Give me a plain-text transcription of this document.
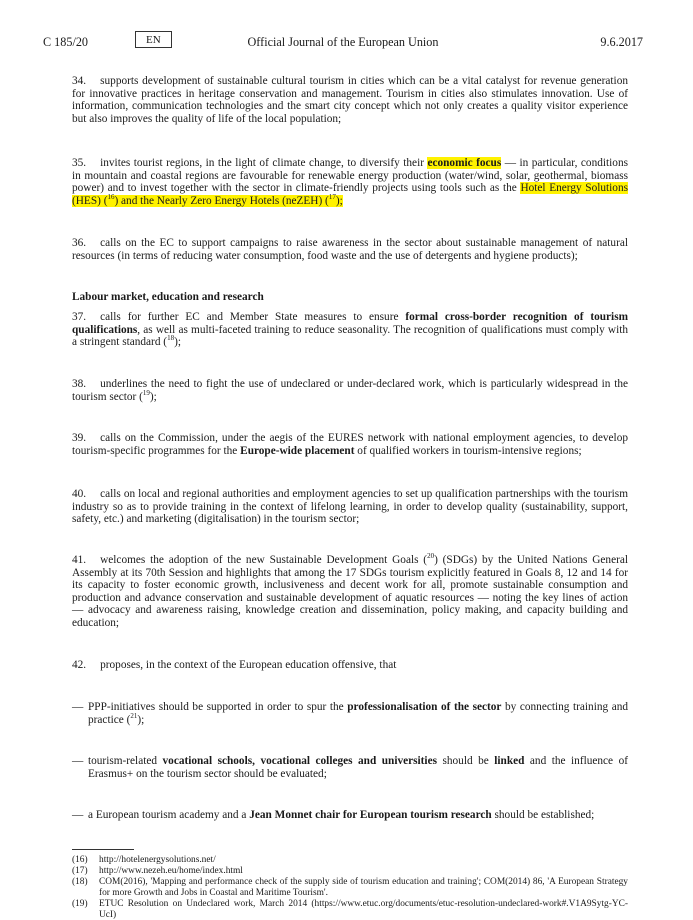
C 185/20	EN	Official Journal of the European Union	9.6.2017
34. supports development of sustainable cultural tourism in cities which can be a vital catalyst for revenue generation for innovative practices in heritage conservation and management. Tourism in cities also stimulates innovation. Use of information, communication technologies and the smart city concept which not only creates a quality visitor experience but also improves the quality of life of the local population;
35. invites tourist regions, in the light of climate change, to diversify their economic focus — in particular, conditions in mountain and coastal regions are favourable for renewable energy production (water/wind, solar, geothermal, biomass power) and to invest together with the sector in climate-friendly projects using tools such as the Hotel Energy Solutions (HES) ($^{16}$) and the Nearly Zero Energy Hotels (neZEH) ($^{17}$);
36. calls on the EC to support campaigns to raise awareness in the sector about sustainable management of natural resources (in terms of reducing water consumption, food waste and the use of detergents and hygiene products);
Labour market, education and research
37. calls for further EC and Member State measures to ensure formal cross-border recognition of tourism qualifications, as well as multi-faceted training to reduce seasonality. The recognition of qualifications must comply with a stringent standard ($^{18}$);
38. underlines the need to fight the use of undeclared or under-declared work, which is particularly widespread in the tourism sector ($^{19}$);
39. calls on the Commission, under the aegis of the EURES network with national employment agencies, to develop tourism-specific programmes for the Europe-wide placement of qualified workers in tourism-intensive regions;
40. calls on local and regional authorities and employment agencies to set up qualification partnerships with the tourism industry so as to provide training in the context of lifelong learning, in order to develop quality (sustainability, support, safety, etc.) and marketing (digitalisation) in the tourism sector;
41. welcomes the adoption of the new Sustainable Development Goals ($^{20}$) (SDGs) by the United Nations General Assembly at its 70th Session and highlights that among the 17 SDGs tourism explicitly featured in Goals 8, 12 and 14 for its capacity to foster economic growth, inclusiveness and decent work for all, promote sustainable consumption and production and advance conservation and sustainable development of aquatic resources — noting the key lines of action — advocacy and awareness raising, knowledge creation and dissemination, policy making, and capacity building and education;
42. proposes, in the context of the European education offensive, that
— PPP-initiatives should be supported in order to spur the professionalisation of the sector by connecting training and practice ($^{21}$);
— tourism-related vocational schools, vocational colleges and universities should be linked and the influence of Erasmus+ on the tourism sector should be evaluated;
— a European tourism academy and a Jean Monnet chair for European tourism research should be established;
(16) http://hotelenergysolutions.net/
(17) http://www.nezeh.eu/home/index.html
(18) COM(2016), 'Mapping and performance check of the supply side of tourism education and training'; COM(2014) 86, 'A European Strategy for more Growth and Jobs in Coastal and Maritime Tourism'.
(19) ETUC Resolution on Undeclared work, March 2014 (https://www.etuc.org/documents/etuc-resolution-undeclared-work#.V1A9Sytg-YC-UcI)
